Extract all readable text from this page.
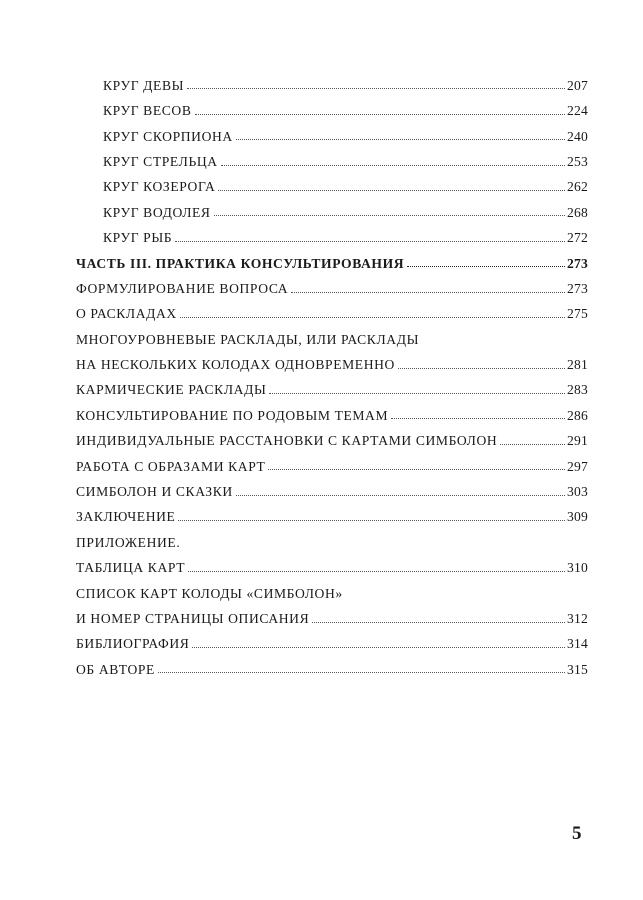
КРУГ ДЕВЫ	207
КРУГ ВЕСОВ	224
КРУГ СКОРПИОНА	240
КРУГ СТРЕЛЬЦА	253
КРУГ КОЗЕРОГА	262
КРУГ ВОДОЛЕЯ	268
КРУГ РЫБ	272
ЧАСТЬ III. ПРАКТИКА КОНСУЛЬТИРОВАНИЯ	273
ФОРМУЛИРОВАНИЕ ВОПРОСА	273
О РАСКЛАДАХ	275
МНОГОУРОВНЕВЫЕ РАСКЛАДЫ, ИЛИ РАСКЛАДЫ
НА НЕСКОЛЬКИХ КОЛОДАХ ОДНОВРЕМЕННО	281
КАРМИЧЕСКИЕ РАСКЛАДЫ	283
КОНСУЛЬТИРОВАНИЕ ПО РОДОВЫМ ТЕМАМ	286
ИНДИВИДУАЛЬНЫЕ РАССТАНОВКИ С КАРТАМИ СИМБОЛОН	291
РАБОТА С ОБРАЗАМИ КАРТ	297
СИМБОЛОН И СКАЗКИ	303
ЗАКЛЮЧЕНИЕ	309
ПРИЛОЖЕНИЕ.
ТАБЛИЦА КАРТ	310
СПИСОК КАРТ КОЛОДЫ «СИМБОЛОН»
И НОМЕР СТРАНИЦЫ ОПИСАНИЯ	312
БИБЛИОГРАФИЯ	314
ОБ АВТОРЕ	315
5
